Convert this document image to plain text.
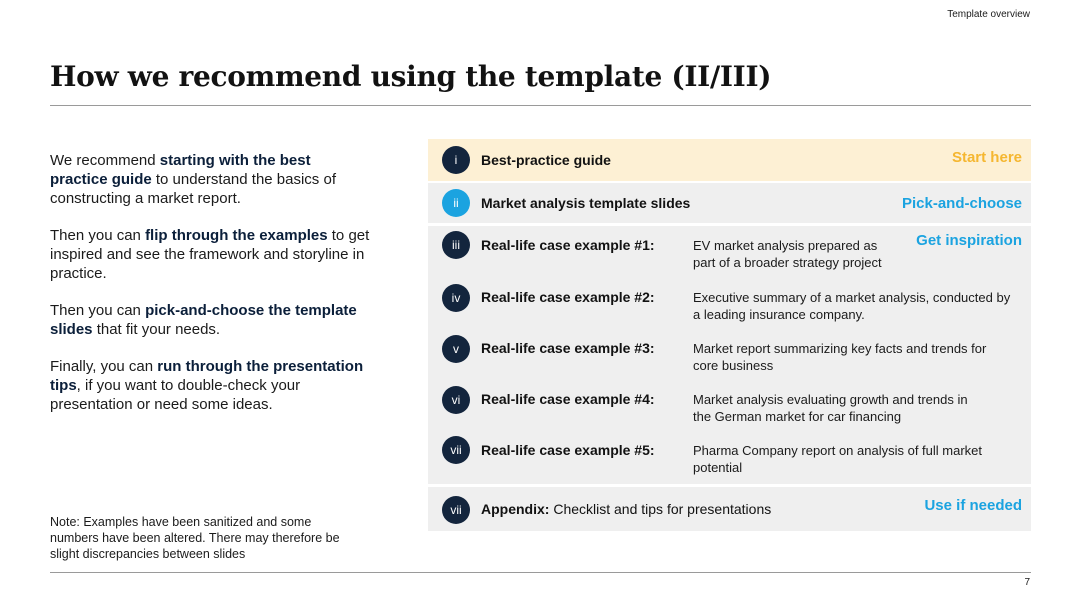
Template overview
How we recommend using the template (II/III)

We recommend starting with the best practice guide to understand the basics of constructing a market report.

Then you can flip through the examples to get inspired and see the framework and storyline in practice.

Then you can pick-and-choose the template slides that fit your needs.

Finally, you can run through the presentation tips, if you want to double-check your presentation or need some ideas.

Note: Examples have been sanitized and some numbers have been altered. There may therefore be slight discrepancies between slides
7
i	Best-practice guide	Start here
ii	Market analysis template slides	Pick-and-choose
Get inspiration
iii	Real-life case example #1:	EV market analysis prepared as part of a broader strategy project
iv	Real-life case example #2:	Executive summary of a market analysis, conducted by a leading insurance company.
v	Real-life case example #3:	Market report summarizing key facts and trends for core business
vi	Real-life case example #4:	Market analysis evaluating growth and trends in the German market for car financing
vii	Real-life case example #5:	Pharma Company report on analysis of full market potential
vii	Appendix: Checklist and tips for presentations	Use if needed
